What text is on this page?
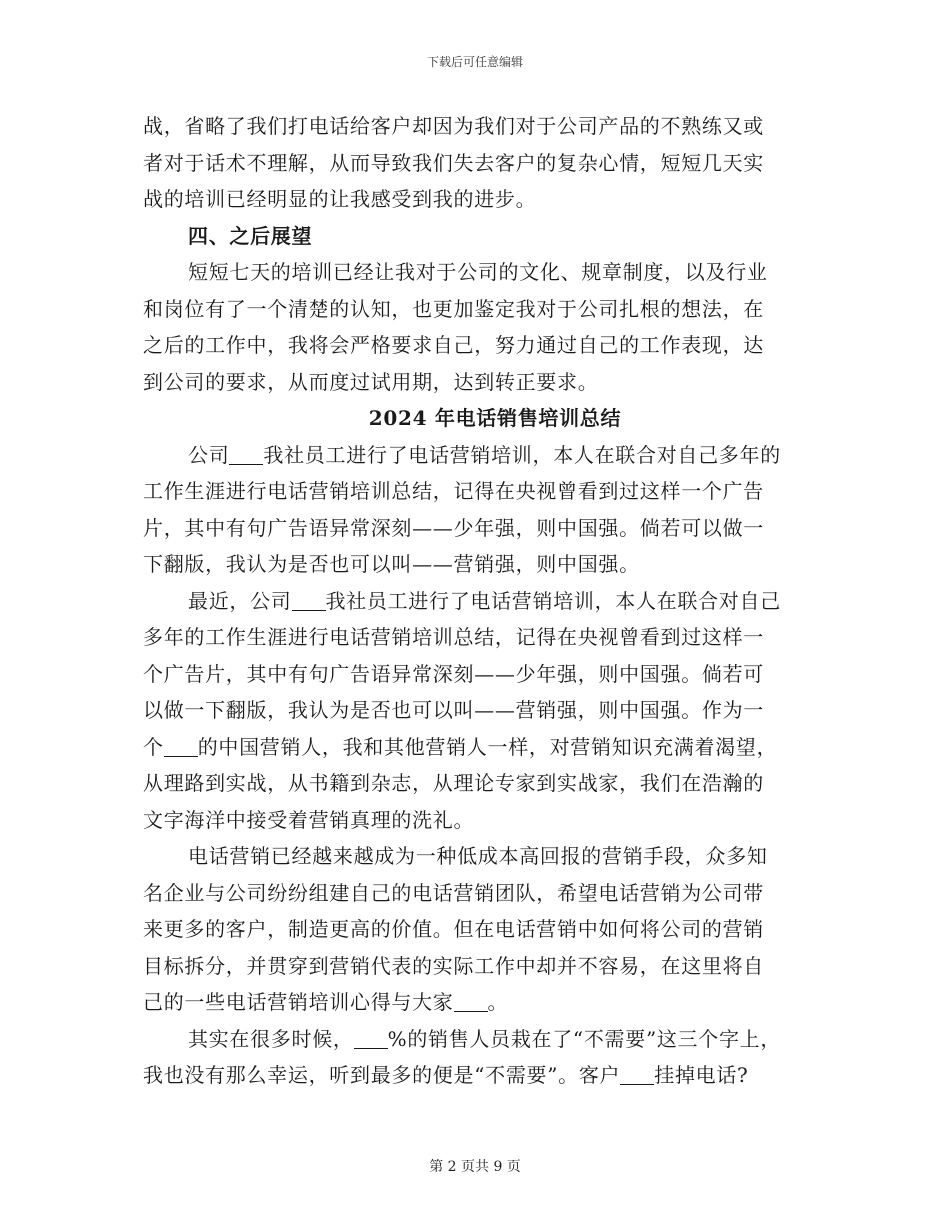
下载后可任意编辑
战，省略了我们打电话给客户却因为我们对于公司产品的不熟练又或
者对于话术不理解，从而导致我们失去客户的复杂心情，短短几天实
战的培训已经明显的让我感受到我的进步。
四、之后展望
短短七天的培训已经让我对于公司的文化、规章制度，以及行业
和岗位有了一个清楚的认知，也更加鉴定我对于公司扎根的想法，在
之后的工作中，我将会严格要求自己，努力通过自己的工作表现，达
到公司的要求，从而度过试用期，达到转正要求。
2024 年电话销售培训总结
公司 我社员工进行了电话营销培训，本人在联合对自己多年的
工作生涯进行电话营销培训总结，记得在央视曾看到过这样一个广告
片，其中有句广告语异常深刻——少年强，则中国强。倘若可以做一
下翻版，我认为是否也可以叫——营销强，则中国强。
最近，公司 我社员工进行了电话营销培训，本人在联合对自己
多年的工作生涯进行电话营销培训总结，记得在央视曾看到过这样一
个广告片，其中有句广告语异常深刻——少年强，则中国强。倘若可
以做一下翻版，我认为是否也可以叫——营销强，则中国强。作为一
个 的中国营销人，我和其他营销人一样，对营销知识充满着渴望，
从理路到实战，从书籍到杂志，从理论专家到实战家，我们在浩瀚的
文字海洋中接受着营销真理的洗礼。
电话营销已经越来越成为一种低成本高回报的营销手段，众多知
名企业与公司纷纷组建自己的电话营销团队，希望电话营销为公司带
来更多的客户，制造更高的价值。但在电话营销中如何将公司的营销
目标拆分，并贯穿到营销代表的实际工作中却并不容易，在这里将自
己的一些电话营销培训心得与大家 。
其实在很多时候， %的销售人员栽在了“不需要”这三个字上，
我也没有那么幸运，听到最多的便是“不需要”。客户 挂掉电话?
第 2 页共 9 页
